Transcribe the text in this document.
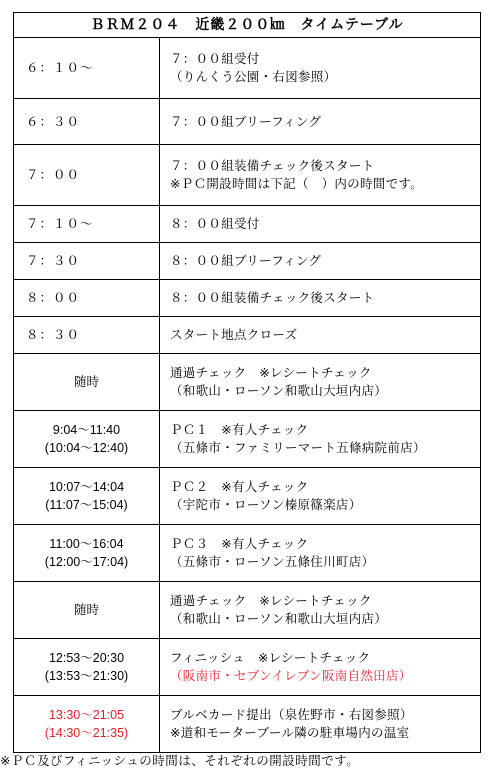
ＢＲＭ２０４　近畿２００㎞　タイムテーブル	

６：１０～	７：００組受付
（りんくう公園・右図参照）

６：３０	７：００組ブリーフィング

７：００	７：００組装備チェック後スタート
※ＰＣ開設時間は下記（　）内の時間です。

７：１０～	８：００組受付

７：３０	８：００組ブリーフィング

８：００	８：００組装備チェック後スタート

８：３０	スタート地点クローズ

随時	通過チェック　※レシートチェック
（和歌山・ローソン和歌山大垣内店）

9:04～11:40
(10:04～12:40)	ＰＣ１　※有人チェック
（五條市・ファミリーマート五條病院前店）

10:07～14:04
(11:07～15:04)	ＰＣ２　※有人チェック
（宇陀市・ローソン榛原篠楽店）

11:00～16:04
(12:00～17:04)	ＰＣ３　※有人チェック
（五條市・ローソン五條住川町店）

随時	通過チェック　※レシートチェック
（和歌山・ローソン和歌山大垣内店）

12:53～20:30
(13:53～21:30)	フィニッシュ　※レシートチェック
（阪南市・セブンイレブン阪南自然田店）

13:30～21:05
(14:30～21:35)	ブルベカード提出（泉佐野市・右図参照）
※道和モーターブール隣の駐車場内の温室
※ＰＣ及びフィニッシュの時間は、それぞれの開設時間です。
